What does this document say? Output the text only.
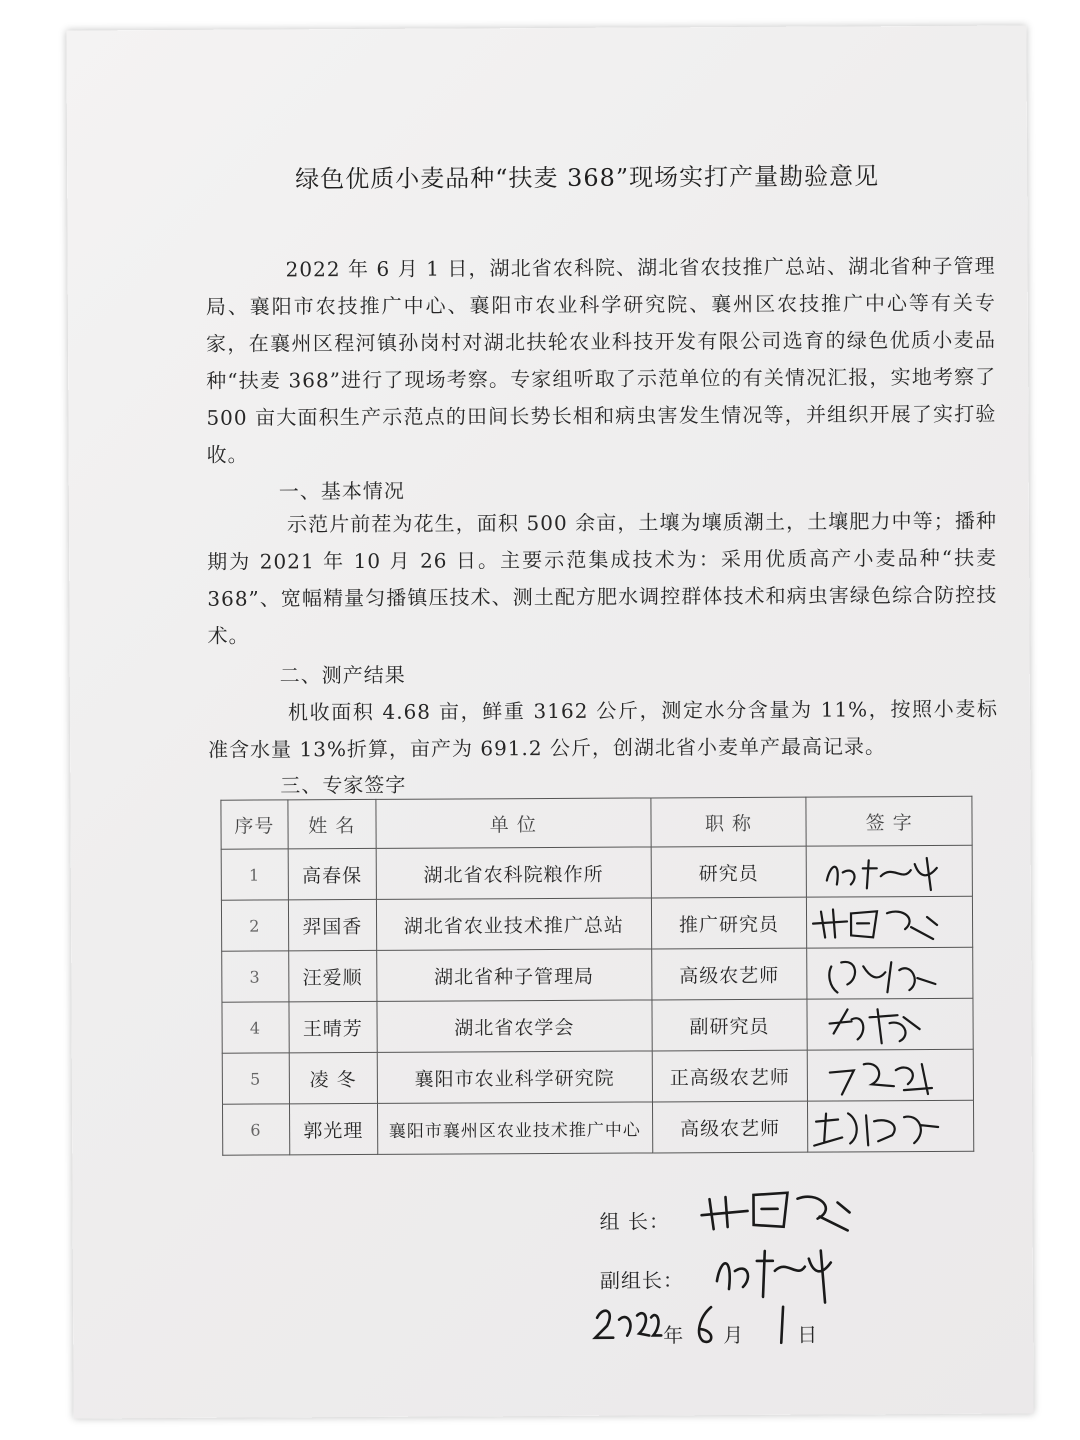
绿色优质小麦品种“扶麦 368”现场实打产量勘验意见
2022 年 6 月 1 日，湖北省农科院、湖北省农技推广总站、湖北省种子管理局、襄阳市农技推广中心、襄阳市农业科学研究院、襄州区农技推广中心等有关专家，在襄州区程河镇孙岗村对湖北扶轮农业科技开发有限公司选育的绿色优质小麦品种“扶麦 368”进行了现场考察。专家组听取了示范单位的有关情况汇报，实地考察了 500 亩大面积生产示范点的田间长势长相和病虫害发生情况等，并组织开展了实打验收。
一、基本情况
示范片前茬为花生，面积 500 余亩，土壤为壤质潮土，土壤肥力中等；播种期为 2021 年 10 月 26 日。主要示范集成技术为：采用优质高产小麦品种“扶麦 368”、宽幅精量匀播镇压技术、测土配方肥水调控群体技术和病虫害绿色综合防控技术。
二、测产结果
机收面积 4.68 亩，鲜重 3162 公斤，测定水分含量为 11%，按照小麦标准含水量 13%折算，亩产为 691.2 公斤，创湖北省小麦单产最高记录。
三、专家签字
序号	姓 名	单 位	职 称	签 字
1	高春保	湖北省农科院粮作所	研究员	

2	羿国香	湖北省农业技术推广总站	推广研究员	

3	汪爱顺	湖北省种子管理局	高级农艺师	

4	王晴芳	湖北省农学会	副研究员	

5	凌 冬	襄阳市农业科学研究院	正高级农艺师	

6	郭光理	襄阳市襄州区农业技术推广中心	高级农艺师	
组 长：
副组长：
年 月	日
